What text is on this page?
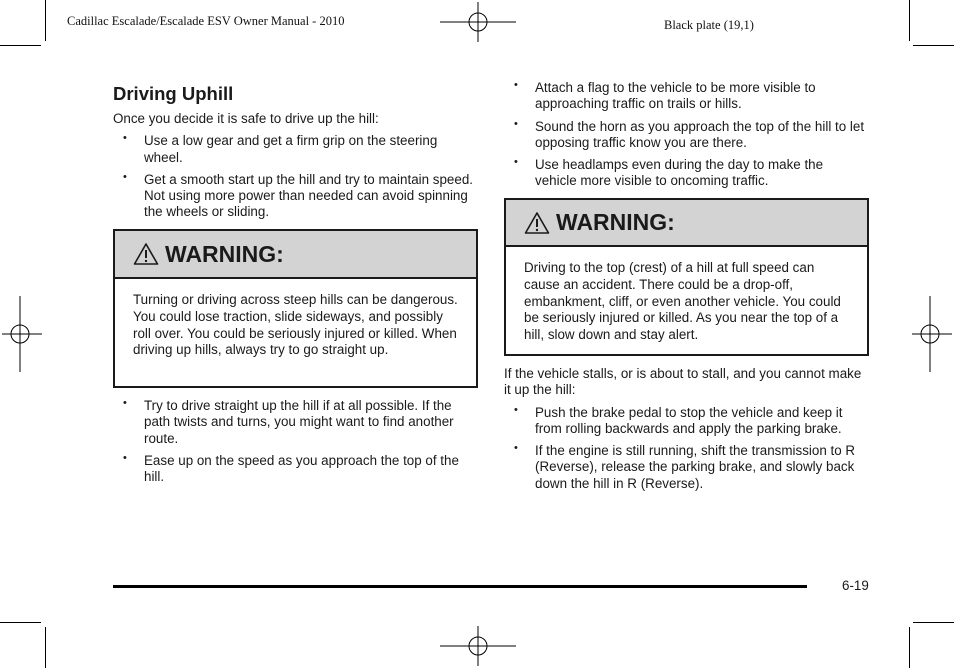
Cadillac Escalade/Escalade ESV Owner Manual - 2010	Black plate (19,1)
Driving Uphill
Once you decide it is safe to drive up the hill:
• Use a low gear and get a firm grip on the steering wheel.
• Get a smooth start up the hill and try to maintain speed. Not using more power than needed can avoid spinning the wheels or sliding.
WARNING:
Turning or driving across steep hills can be dangerous. You could lose traction, slide sideways, and possibly roll over. You could be seriously injured or killed. When driving up hills, always try to go straight up.
• Try to drive straight up the hill if at all possible. If the path twists and turns, you might want to find another route.
• Ease up on the speed as you approach the top of the hill.
• Attach a flag to the vehicle to be more visible to approaching traffic on trails or hills.
• Sound the horn as you approach the top of the hill to let opposing traffic know you are there.
• Use headlamps even during the day to make the vehicle more visible to oncoming traffic.
WARNING:
Driving to the top (crest) of a hill at full speed can cause an accident. There could be a drop-off, embankment, cliff, or even another vehicle. You could be seriously injured or killed. As you near the top of a hill, slow down and stay alert.
If the vehicle stalls, or is about to stall, and you cannot make it up the hill:
• Push the brake pedal to stop the vehicle and keep it from rolling backwards and apply the parking brake.
• If the engine is still running, shift the transmission to R (Reverse), release the parking brake, and slowly back down the hill in R (Reverse).
6-19
